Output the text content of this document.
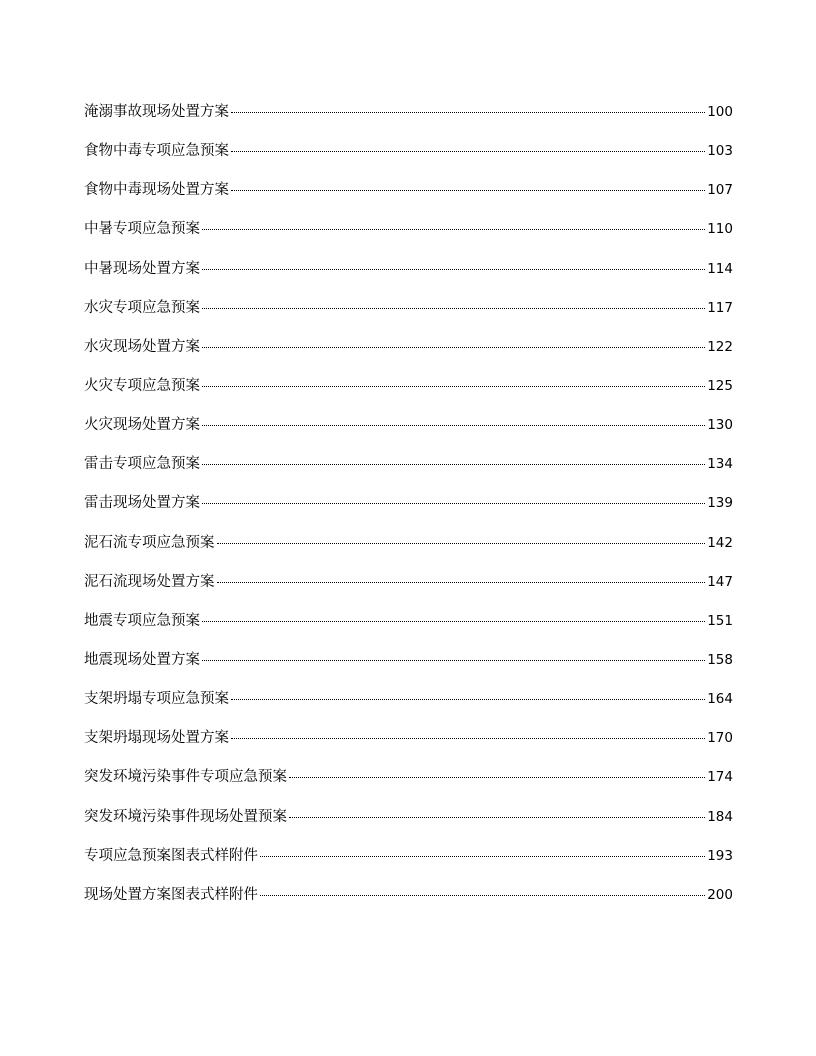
淹溺事故现场处置方案	100
食物中毒专项应急预案	103
食物中毒现场处置方案	107
中暑专项应急预案	110
中暑现场处置方案	114
水灾专项应急预案	117
水灾现场处置方案	122
火灾专项应急预案	125
火灾现场处置方案	130
雷击专项应急预案	134
雷击现场处置方案	139
泥石流专项应急预案	142
泥石流现场处置方案	147
地震专项应急预案	151
地震现场处置方案	158
支架坍塌专项应急预案	164
支架坍塌现场处置方案	170
突发环境污染事件专项应急预案	174
突发环境污染事件现场处置预案	184
专项应急预案图表式样附件	193
现场处置方案图表式样附件	200
